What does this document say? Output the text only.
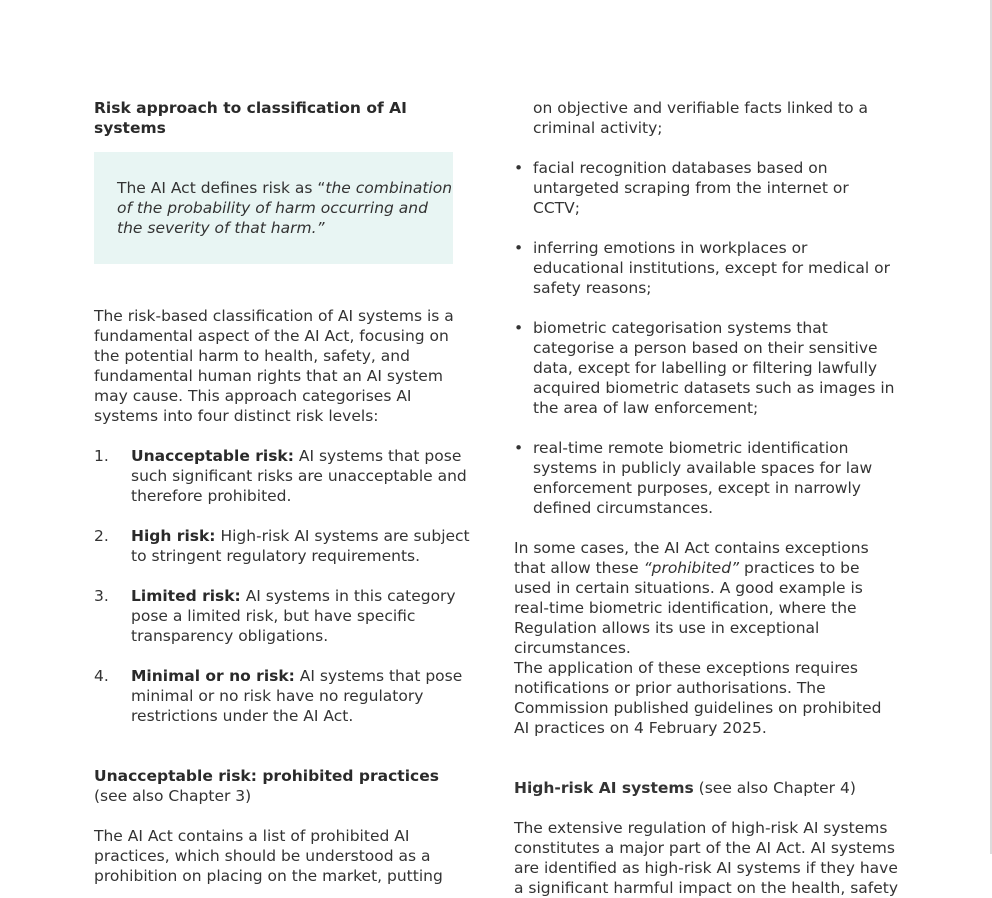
Risk approach to classification of AI systems

The AI Act defines risk as “the combination of the probability of harm occurring and the severity of that harm.”

The risk-based classification of AI systems is a fundamental aspect of the AI Act, focusing on the potential harm to health, safety, and fundamental human rights that an AI system may cause. This approach categorises AI systems into four distinct risk levels:

1. Unacceptable risk: AI systems that pose such significant risks are unacceptable and therefore prohibited.
2. High risk: High-risk AI systems are subject to stringent regulatory requirements.
3. Limited risk: AI systems in this category pose a limited risk, but have specific transparency obligations.
4. Minimal or no risk: AI systems that pose minimal or no risk have no regulatory restrictions under the AI Act.

Unacceptable risk: prohibited practices

(see also Chapter 3)

The AI Act contains a list of prohibited AI practices, which should be understood as a prohibition on placing on the market, putting

on objective and verifiable facts linked to a criminal activity;
• facial recognition databases based on untargeted scraping from the internet or CCTV;
• inferring emotions in workplaces or educational institutions, except for medical or safety reasons;
• biometric categorisation systems that categorise a person based on their sensitive data, except for labelling or filtering lawfully acquired biometric datasets such as images in the area of law enforcement;
• real-time remote biometric identification systems in publicly available spaces for law enforcement purposes, except in narrowly defined circumstances.

In some cases, the AI Act contains exceptions that allow these “prohibited” practices to be used in certain situations. A good example is real-time biometric identification, where the Regulation allows its use in exceptional circumstances.

The application of these exceptions requires notifications or prior authorisations. The Commission published guidelines on prohibited AI practices on 4 February 2025.

High-risk AI systems (see also Chapter 4)

The extensive regulation of high-risk AI systems constitutes a major part of the AI Act. AI systems are identified as high-risk AI systems if they have a significant harmful impact on the health, safety
